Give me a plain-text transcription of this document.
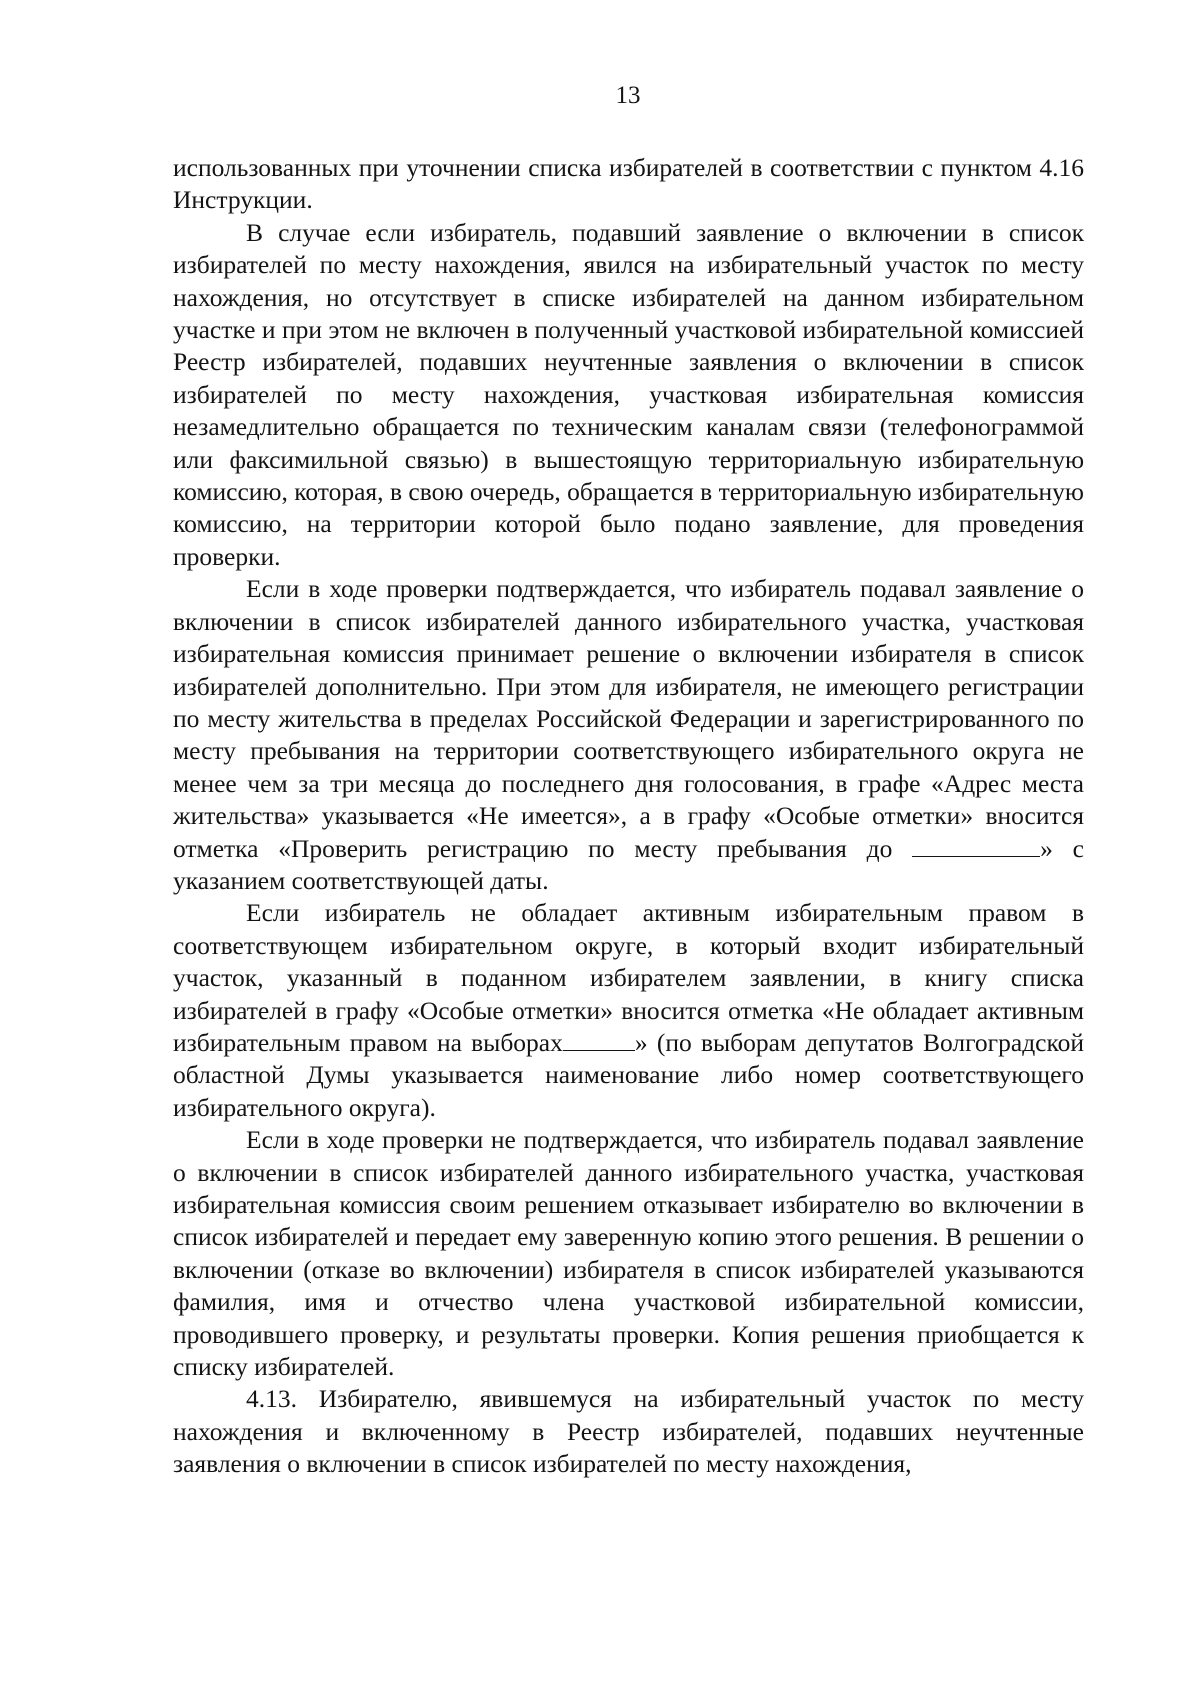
13

использованных при уточнении списка избирателей в соответствии с пунктом 4.16 Инструкции.

В случае если избиратель, подавший заявление о включении в список избирателей по месту нахождения, явился на избирательный участок по месту нахождения, но отсутствует в списке избирателей на данном избирательном участке и при этом не включен в полученный участковой избирательной комиссией Реестр избирателей, подавших неучтенные заявления о включении в список избирателей по месту нахождения, участковая избирательная комиссия незамедлительно обращается по техническим каналам связи (телефонограммой или факсимильной связью) в вышестоящую территориальную избирательную комиссию, которая, в свою очередь, обращается в территориальную избирательную комиссию, на территории которой было подано заявление, для проведения проверки.

Если в ходе проверки подтверждается, что избиратель подавал заявление о включении в список избирателей данного избирательного участка, участковая избирательная комиссия принимает решение о включении избирателя в список избирателей дополнительно. При этом для избирателя, не имеющего регистрации по месту жительства в пределах Российской Федерации и зарегистрированного по месту пребывания на территории соответствующего избирательного округа не менее чем за три месяца до последнего дня голосования, в графе «Адрес места жительства» указывается «Не имеется», а в графу «Особые отметки» вносится отметка «Проверить регистрацию по месту пребывания до	» с указанием соответствующей даты.

Если избиратель не обладает активным избирательным правом в соответствующем избирательном округе, в который входит избирательный участок, указанный в поданном избирателем заявлении, в книгу списка избирателей в графу «Особые отметки» вносится отметка «Не обладает активным избирательным правом на выборах	» (по выборам депутатов Волгоградской областной Думы указывается наименование либо номер соответствующего избирательного округа).

Если в ходе проверки не подтверждается, что избиратель подавал заявление о включении в список избирателей данного избирательного участка, участковая избирательная комиссия своим решением отказывает избирателю во включении в список избирателей и передает ему заверенную копию этого решения. В решении о включении (отказе во включении) избирателя в список избирателей указываются фамилия, имя и отчество члена участковой избирательной комиссии, проводившего проверку, и результаты проверки. Копия решения приобщается к списку избирателей.

4.13. Избирателю, явившемуся на избирательный участок по месту нахождения и включенному в Реестр избирателей, подавших неучтенные заявления о включении в список избирателей по месту нахождения,
